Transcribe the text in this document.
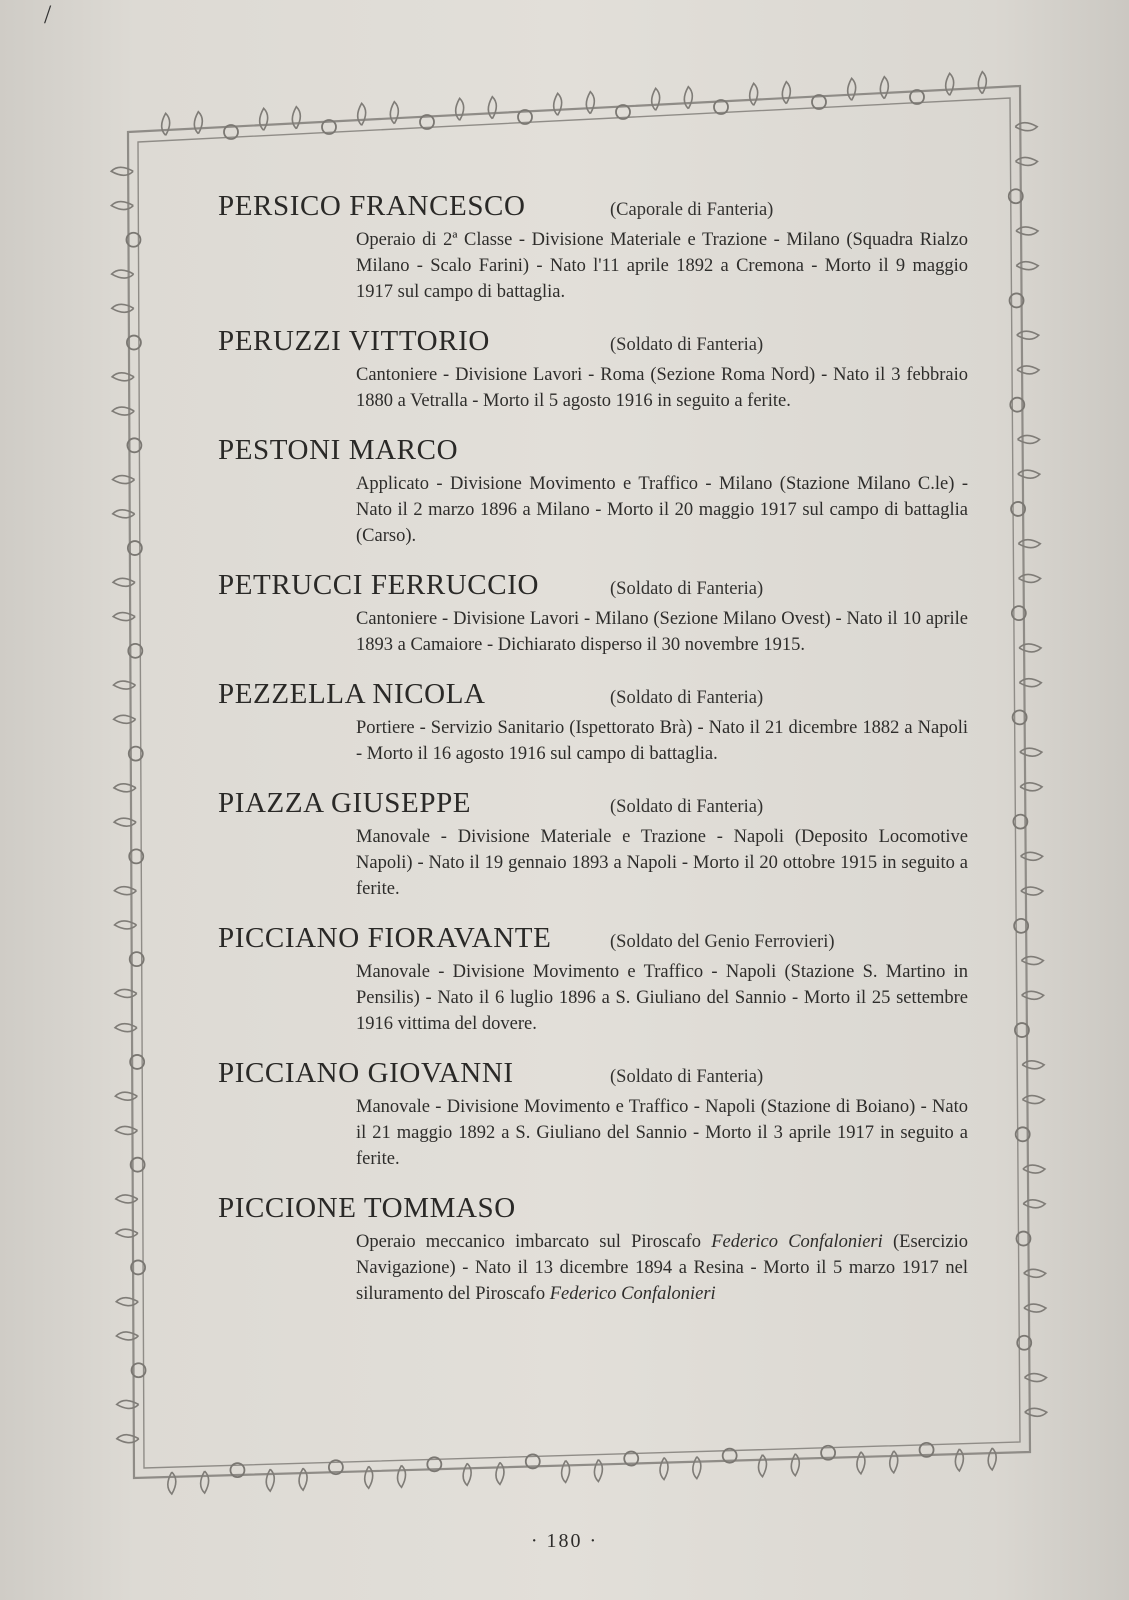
/
PERSICO FRANCESCO	(Caporale di Fanteria)
Operaio di 2ª Classe - Divisione Materiale e Trazione - Milano (Squadra Rialzo Milano - Scalo Farini) - Nato l'11 aprile 1892 a Cremona - Morto il 9 maggio 1917 sul campo di battaglia.
PERUZZI VITTORIO	(Soldato di Fanteria)
Cantoniere - Divisione Lavori - Roma (Sezione Roma Nord) - Nato il 3 febbraio 1880 a Vetralla - Morto il 5 agosto 1916 in seguito a ferite.
PESTONI MARCO
Applicato - Divisione Movimento e Traffico - Milano (Stazione Milano C.le) - Nato il 2 marzo 1896 a Milano - Morto il 20 maggio 1917 sul campo di battaglia (Carso).
PETRUCCI FERRUCCIO	(Soldato di Fanteria)
Cantoniere - Divisione Lavori - Milano (Sezione Milano Ovest) - Nato il 10 aprile 1893 a Camaiore - Dichiarato disperso il 30 novembre 1915.
PEZZELLA NICOLA	(Soldato di Fanteria)
Portiere - Servizio Sanitario (Ispettorato Brà) - Nato il 21 dicembre 1882 a Napoli - Morto il 16 agosto 1916 sul campo di battaglia.
PIAZZA GIUSEPPE	(Soldato di Fanteria)
Manovale - Divisione Materiale e Trazione - Napoli (Deposito Locomotive Napoli) - Nato il 19 gennaio 1893 a Napoli - Morto il 20 ottobre 1915 in seguito a ferite.
PICCIANO FIORAVANTE	(Soldato del Genio Ferrovieri)
Manovale - Divisione Movimento e Traffico - Napoli (Stazione S. Martino in Pensilis) - Nato il 6 luglio 1896 a S. Giuliano del Sannio - Morto il 25 settembre 1916 vittima del dovere.
PICCIANO GIOVANNI	(Soldato di Fanteria)
Manovale - Divisione Movimento e Traffico - Napoli (Stazione di Boiano) - Nato il 21 maggio 1892 a S. Giuliano del Sannio - Morto il 3 aprile 1917 in seguito a ferite.
PICCIONE TOMMASO
Operaio meccanico imbarcato sul Piroscafo Federico Confalonieri (Esercizio Navigazione) - Nato il 13 dicembre 1894 a Resina - Morto il 5 marzo 1917 nel siluramento del Piroscafo Federico Confalonieri
· 180 ·
